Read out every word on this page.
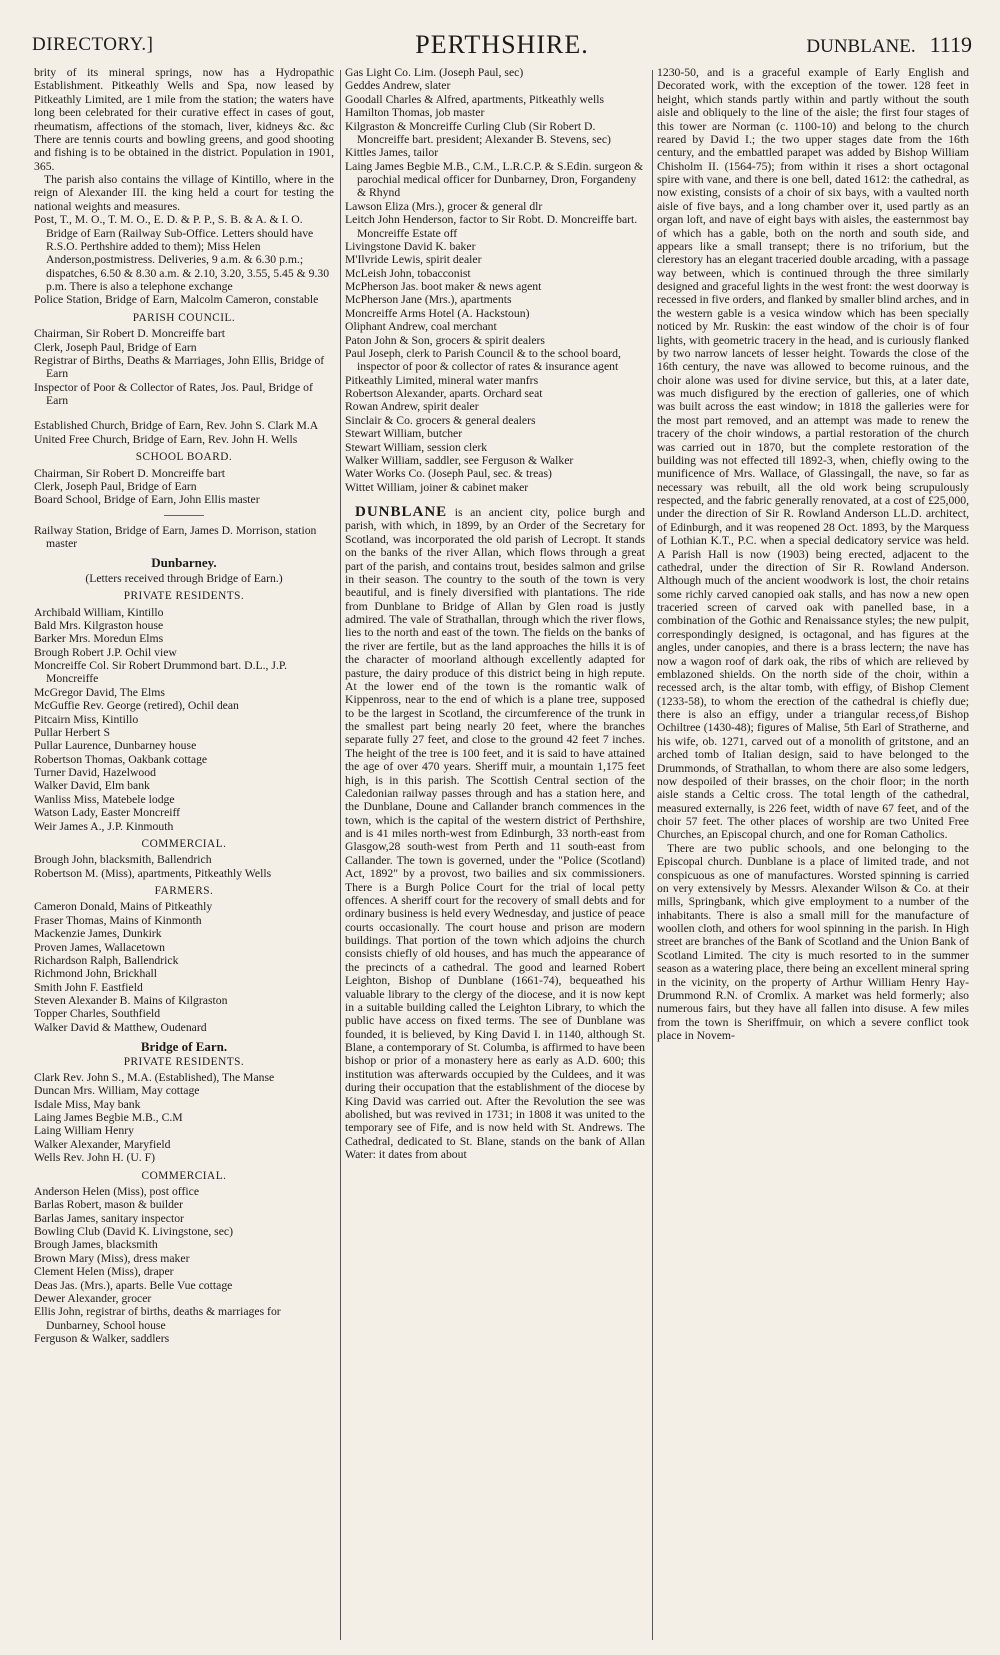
DIRECTORY.]	PERTHSHIRE.	DUNBLANE. 1119

brity of its mineral springs, now has a Hydropathic Establishment. Pitkeathly Wells and Spa, now leased by Pitkeathly Limited, are 1 mile from the station; the waters have long been celebrated for their curative effect in cases of gout, rheumatism, affections of the stomach, liver, kidneys &c. &c There are tennis courts and bowling greens, and good shooting and fishing is to be obtained in the district. Population in 1901, 365.

The parish also contains the village of Kintillo, where in the reign of Alexander III. the king held a court for testing the national weights and measures.

Post, T., M. O., T. M. O., E. D. & P. P., S. B. & A. & I. O. Bridge of Earn (Railway Sub-Office. Letters should have R.S.O. Perthshire added to them); Miss Helen Anderson,postmistress. Deliveries, 9 a.m. & 6.30 p.m.; dispatches, 6.50 & 8.30 a.m. & 2.10, 3.20, 3.55, 5.45 & 9.30 p.m. There is also a telephone exchange

Police Station, Bridge of Earn, Malcolm Cameron, constable

PARISH COUNCIL.

Chairman, Sir Robert D. Moncreiffe bart

Clerk, Joseph Paul, Bridge of Earn

Registrar of Births, Deaths & Marriages, John Ellis, Bridge of Earn

Inspector of Poor & Collector of Rates, Jos. Paul, Bridge of Earn

Established Church, Bridge of Earn, Rev. John S. Clark M.A

United Free Church, Bridge of Earn, Rev. John H. Wells

SCHOOL BOARD.

Chairman, Sir Robert D. Moncreiffe bart

Clerk, Joseph Paul, Bridge of Earn

Board School, Bridge of Earn, John Ellis master

Railway Station, Bridge of Earn, James D. Morrison, station master

Dunbarney.

(Letters received through Bridge of Earn.)

PRIVATE RESIDENTS.

Archibald William, Kintillo

Bald Mrs. Kilgraston house

Barker Mrs. Moredun Elms

Brough Robert J.P. Ochil view

Moncreiffe Col. Sir Robert Drummond bart. D.L., J.P. Moncreiffe

McGregor David, The Elms

McGuffie Rev. George (retired), Ochil dean

Pitcairn Miss, Kintillo

Pullar Herbert S

Pullar Laurence, Dunbarney house

Robertson Thomas, Oakbank cottage

Turner David, Hazelwood

Walker David, Elm bank

Wanliss Miss, Matebele lodge

Watson Lady, Easter Moncreiff

Weir James A., J.P. Kinmouth

COMMERCIAL.

Brough John, blacksmith, Ballendrich

Robertson M. (Miss), apartments, Pitkeathly Wells

FARMERS.

Cameron Donald, Mains of Pitkeathly

Fraser Thomas, Mains of Kinmonth

Mackenzie James, Dunkirk

Proven James, Wallacetown

Richardson Ralph, Ballendrick

Richmond John, Brickhall

Smith John F. Eastfield

Steven Alexander B. Mains of Kilgraston

Topper Charles, Southfield

Walker David & Matthew, Oudenard

Bridge of Earn.
PRIVATE RESIDENTS.

Clark Rev. John S., M.A. (Established), The Manse

Duncan Mrs. William, May cottage

Isdale Miss, May bank

Laing James Begbie M.B., C.M

Laing William Henry

Walker Alexander, Maryfield

Wells Rev. John H. (U. F)

COMMERCIAL.

Anderson Helen (Miss), post office

Barlas Robert, mason & builder

Barlas James, sanitary inspector

Bowling Club (David K. Livingstone, sec)

Brough James, blacksmith

Brown Mary (Miss), dress maker

Clement Helen (Miss), draper

Deas Jas. (Mrs.), aparts. Belle Vue cottage

Dewer Alexander, grocer

Ellis John, registrar of births, deaths & marriages for Dunbarney, School house

Ferguson & Walker, saddlers

Gas Light Co. Lim. (Joseph Paul, sec)

Geddes Andrew, slater

Goodall Charles & Alfred, apartments, Pitkeathly wells

Hamilton Thomas, job master

Kilgraston & Moncreiffe Curling Club (Sir Robert D. Moncreiffe bart. president; Alexander B. Stevens, sec)

Kittles James, tailor

Laing James Begbie M.B., C.M., L.R.C.P. & S.Edin. surgeon & parochial medical officer for Dunbarney, Dron, Forgandeny & Rhynd

Lawson Eliza (Mrs.), grocer & general dlr

Leitch John Henderson, factor to Sir Robt. D. Moncreiffe bart. Moncreiffe Estate off

Livingstone David K. baker

M'Ilvride Lewis, spirit dealer

McLeish John, tobacconist

McPherson Jas. boot maker & news agent

McPherson Jane (Mrs.), apartments

Moncreiffe Arms Hotel (A. Hackstoun)

Oliphant Andrew, coal merchant

Paton John & Son, grocers & spirit dealers

Paul Joseph, clerk to Parish Council & to the school board, inspector of poor & collector of rates & insurance agent

Pitkeathly Limited, mineral water manfrs

Robertson Alexander, aparts. Orchard seat

Rowan Andrew, spirit dealer

Sinclair & Co. grocers & general dealers

Stewart William, butcher

Stewart William, session clerk

Walker William, saddler, see Ferguson & Walker

Water Works Co. (Joseph Paul, sec. & treas)

Wittet William, joiner & cabinet maker

DUNBLANE is an ancient city, police burgh and parish, with which, in 1899, by an Order of the Secretary for Scotland, was incorporated the old parish of Lecropt. It stands on the banks of the river Allan, which flows through a great part of the parish, and contains trout, besides salmon and grilse in their season. The country to the south of the town is very beautiful, and is finely diversified with plantations. The ride from Dunblane to Bridge of Allan by Glen road is justly admired. The vale of Strathallan, through which the river flows, lies to the north and east of the town. The fields on the banks of the river are fertile, but as the land approaches the hills it is of the character of moorland although excellently adapted for pasture, the dairy produce of this district being in high repute. At the lower end of the town is the romantic walk of Kippenross, near to the end of which is a plane tree, supposed to be the largest in Scotland, the circumference of the trunk in the smallest part being nearly 20 feet, where the branches separate fully 27 feet, and close to the ground 42 feet 7 inches. The height of the tree is 100 feet, and it is said to have attained the age of over 470 years. Sheriff muir, a mountain 1,175 feet high, is in this parish. The Scottish Central section of the Caledonian railway passes through and has a station here, and the Dunblane, Doune and Callander branch commences in the town, which is the capital of the western district of Perthshire, and is 41 miles north-west from Edinburgh, 33 north-east from Glasgow,28 south-west from Perth and 11 south-east from Callander. The town is governed, under the "Police (Scotland) Act, 1892" by a provost, two bailies and six commissioners. There is a Burgh Police Court for the trial of local petty offences. A sheriff court for the recovery of small debts and for ordinary business is held every Wednesday, and justice of peace courts occasionally. The court house and prison are modern buildings. That portion of the town which adjoins the church consists chiefly of old houses, and has much the appearance of the precincts of a cathedral. The good and learned Robert Leighton, Bishop of Dunblane (1661-74), bequeathed his valuable library to the clergy of the diocese, and it is now kept in a suitable building called the Leighton Library, to which the public have access on fixed terms. The see of Dunblane was founded, it is believed, by King David I. in 1140, although St. Blane, a contemporary of St. Columba, is affirmed to have been bishop or prior of a monastery here as early as A.D. 600; this institution was afterwards occupied by the Culdees, and it was during their occupation that the establishment of the diocese by King David was carried out. After the Revolution the see was abolished, but was revived in 1731; in 1808 it was united to the temporary see of Fife, and is now held with St. Andrews. The Cathedral, dedicated to St. Blane, stands on the bank of Allan Water: it dates from about

1230-50, and is a graceful example of Early English and Decorated work, with the exception of the tower. 128 feet in height, which stands partly within and partly without the south aisle and obliquely to the line of the aisle; the first four stages of this tower are Norman (c. 1100-10) and belong to the church reared by David I.; the two upper stages date from the 16th century, and the embattled parapet was added by Bishop William Chisholm II. (1564-75); from within it rises a short octagonal spire with vane, and there is one bell, dated 1612: the cathedral, as now existing, consists of a choir of six bays, with a vaulted north aisle of five bays, and a long chamber over it, used partly as an organ loft, and nave of eight bays with aisles, the easternmost bay of which has a gable, both on the north and south side, and appears like a small transept; there is no triforium, but the clerestory has an elegant traceried double arcading, with a passage way between, which is continued through the three similarly designed and graceful lights in the west front: the west doorway is recessed in five orders, and flanked by smaller blind arches, and in the western gable is a vesica window which has been specially noticed by Mr. Ruskin: the east window of the choir is of four lights, with geometric tracery in the head, and is curiously flanked by two narrow lancets of lesser height. Towards the close of the 16th century, the nave was allowed to become ruinous, and the choir alone was used for divine service, but this, at a later date, was much disfigured by the erection of galleries, one of which was built across the east window; in 1818 the galleries were for the most part removed, and an attempt was made to renew the tracery of the choir windows, a partial restoration of the church was carried out in 1870, but the complete restoration of the building was not effected till 1892-3, when, chiefly owing to the munificence of Mrs. Wallace, of Glassingall, the nave, so far as necessary was rebuilt, all the old work being scrupulously respected, and the fabric generally renovated, at a cost of £25,000, under the direction of Sir R. Rowland Anderson LL.D. architect, of Edinburgh, and it was reopened 28 Oct. 1893, by the Marquess of Lothian K.T., P.C. when a special dedicatory service was held. A Parish Hall is now (1903) being erected, adjacent to the cathedral, under the direction of Sir R. Rowland Anderson. Although much of the ancient woodwork is lost, the choir retains some richly carved canopied oak stalls, and has now a new open traceried screen of carved oak with panelled base, in a combination of the Gothic and Renaissance styles; the new pulpit, correspondingly designed, is octagonal, and has figures at the angles, under canopies, and there is a brass lectern; the nave has now a wagon roof of dark oak, the ribs of which are relieved by emblazoned shields. On the north side of the choir, within a recessed arch, is the altar tomb, with effigy, of Bishop Clement (1233-58), to whom the erection of the cathedral is chiefly due; there is also an effigy, under a triangular recess,of Bishop Ochiltree (1430-48); figures of Malise, 5th Earl of Stratherne, and his wife, ob. 1271, carved out of a monolith of gritstone, and an arched tomb of Italian design, said to have belonged to the Drummonds, of Strathallan, to whom there are also some ledgers, now despoiled of their brasses, on the choir floor; in the north aisle stands a Celtic cross. The total length of the cathedral, measured externally, is 226 feet, width of nave 67 feet, and of the choir 57 feet. The other places of worship are two United Free Churches, an Episcopal church, and one for Roman Catholics.

There are two public schools, and one belonging to the Episcopal church. Dunblane is a place of limited trade, and not conspicuous as one of manufactures. Worsted spinning is carried on very extensively by Messrs. Alexander Wilson & Co. at their mills, Springbank, which give employment to a number of the inhabitants. There is also a small mill for the manufacture of woollen cloth, and others for wool spinning in the parish. In High street are branches of the Bank of Scotland and the Union Bank of Scotland Limited. The city is much resorted to in the summer season as a watering place, there being an excellent mineral spring in the vicinity, on the property of Arthur William Henry Hay-Drummond R.N. of Cromlix. A market was held formerly; also numerous fairs, but they have all fallen into disuse. A few miles from the town is Sheriffmuir, on which a severe conflict took place in Novem-
